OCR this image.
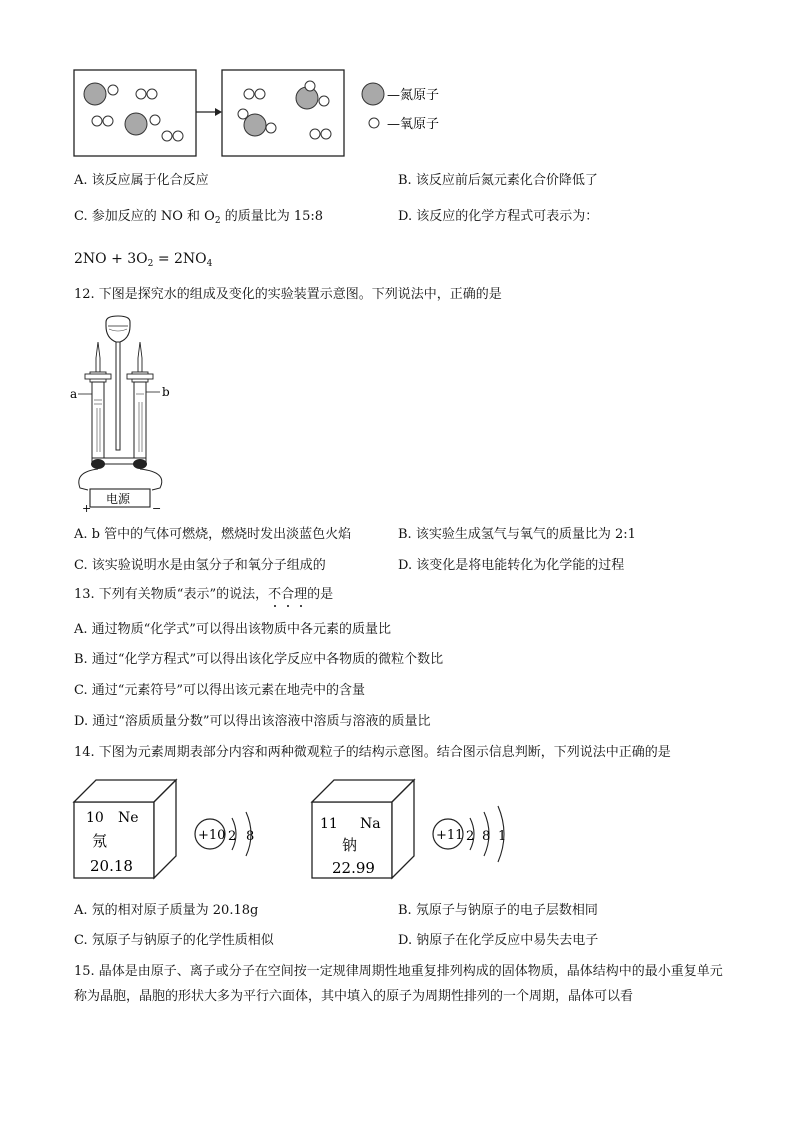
—氮原子
—氧原子
A. 该反应属于化合反应	B. 该反应前后氮元素化合价降低了
C. 参加反应的 NO 和 $O_2$ 的质量比为 15:8	D. 该反应的化学方程式可表示为：
$2NO + 3O_2 = 2NO_4$
12. 下图是探究水的组成及变化的实验装置示意图。下列说法中，正确的是
a	b
电源
+	−
A. b 管中的气体可燃烧，燃烧时发出淡蓝色火焰	B. 该实验生成氢气与氧气的质量比为 2:1
C. 该实验说明水是由氢分子和氧分子组成的	D. 该变化是将电能转化为化学能的过程
13. 下列有关物质“表示”的说法，不合理的是
A. 通过物质“化学式”可以得出该物质中各元素的质量比
B. 通过“化学方程式”可以得出该化学反应中各物质的微粒个数比
C. 通过“元素符号”可以得出该元素在地壳中的含量
D. 通过“溶质质量分数”可以得出该溶液中溶质与溶液的质量比
14. 下图为元素周期表部分内容和两种微观粒子的结构示意图。结合图示信息判断，下列说法中正确的是
10 Ne
氖
20.18
+10 2 8
11 Na
钠
22.99
+11 2 8 1
A. 氖的相对原子质量为 20.18g	B. 氖原子与钠原子的电子层数相同
C. 氖原子与钠原子的化学性质相似	D. 钠原子在化学反应中易失去电子
15. 晶体是由原子、离子或分子在空间按一定规律周期性地重复排列构成的固体物质，晶体结构中的最小重复单元称为晶胞，晶胞的形状大多为平行六面体，其中填入的原子为周期性排列的一个周期，晶体可以看
